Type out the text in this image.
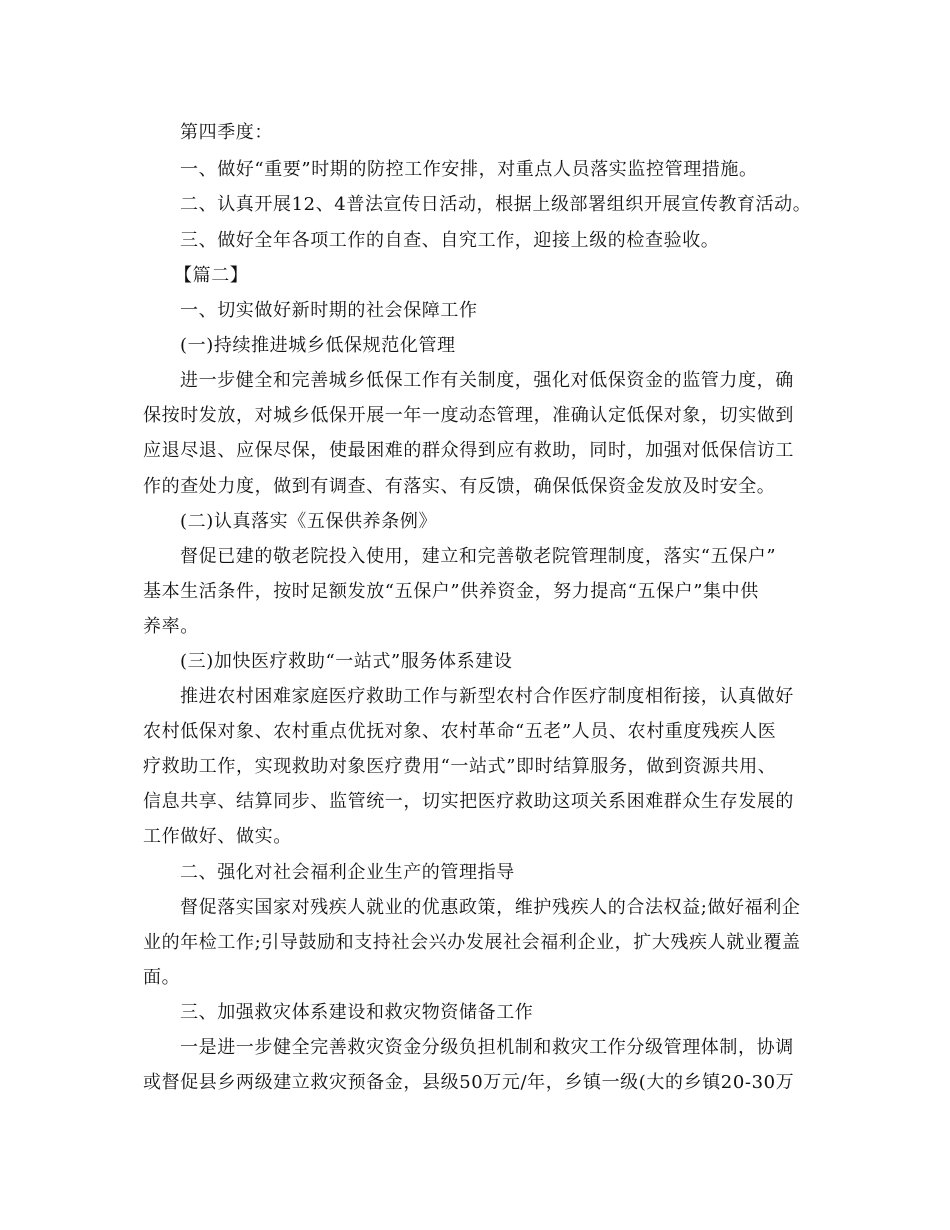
第四季度：
一、做好“重要”时期的防控工作安排，对重点人员落实监控管理措施。
二、认真开展12、4普法宣传日活动，根据上级部署组织开展宣传教育活动。
三、做好全年各项工作的自查、自究工作，迎接上级的检查验收。
【篇二】
一、切实做好新时期的社会保障工作
(一)持续推进城乡低保规范化管理
进一步健全和完善城乡低保工作有关制度，强化对低保资金的监管力度，确
保按时发放，对城乡低保开展一年一度动态管理，准确认定低保对象，切实做到
应退尽退、应保尽保，使最困难的群众得到应有救助，同时，加强对低保信访工
作的查处力度，做到有调查、有落实、有反馈，确保低保资金发放及时安全。
(二)认真落实《五保供养条例》
督促已建的敬老院投入使用，建立和完善敬老院管理制度，落实“五保户”
基本生活条件，按时足额发放“五保户”供养资金，努力提高“五保户”集中供
养率。
(三)加快医疗救助“一站式”服务体系建设
推进农村困难家庭医疗救助工作与新型农村合作医疗制度相衔接，认真做好
农村低保对象、农村重点优抚对象、农村革命“五老”人员、农村重度残疾人医
疗救助工作，实现救助对象医疗费用“一站式”即时结算服务，做到资源共用、
信息共享、结算同步、监管统一，切实把医疗救助这项关系困难群众生存发展的
工作做好、做实。
二、强化对社会福利企业生产的管理指导
督促落实国家对残疾人就业的优惠政策，维护残疾人的合法权益;做好福利企
业的年检工作;引导鼓励和支持社会兴办发展社会福利企业，扩大残疾人就业覆盖
面。
三、加强救灾体系建设和救灾物资储备工作
一是进一步健全完善救灾资金分级负担机制和救灾工作分级管理体制，协调
或督促县乡两级建立救灾预备金，县级50万元/年，乡镇一级(大的乡镇20-30万
